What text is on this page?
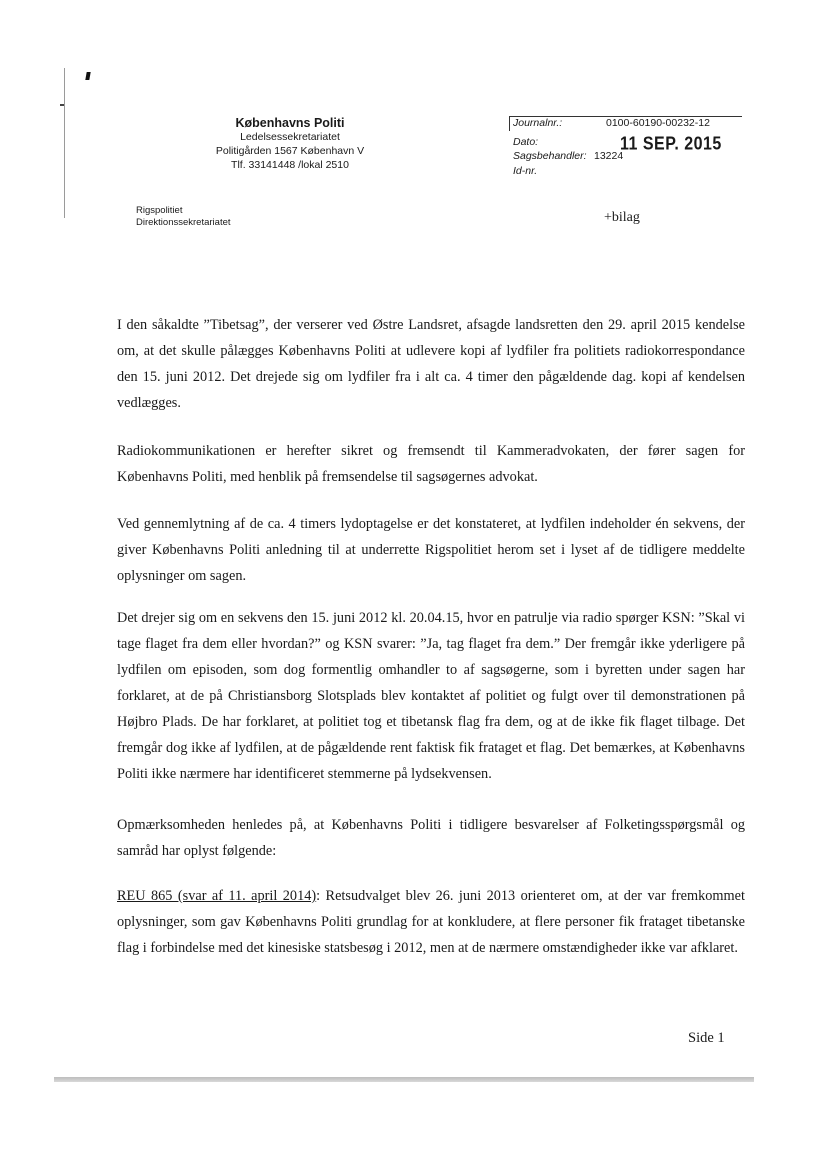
Københavns Politi
Ledelsessekretariatet
Politigården 1567 København V
Tlf. 33141448 /lokal 2510
Journalnr.:	0100-60190-00232-12
Dato:	11 SEP. 2015
Sagsbehandler: 13224
Id-nr.
Rigspolitiet
Direktionssekretariatet	+bilag

I den såkaldte ”Tibetsag”, der verserer ved Østre Landsret, afsagde landsretten den 29. april 2015 kendelse om, at det skulle pålægges Københavns Politi at udlevere kopi af lydfiler fra politiets radiokorrespondance den 15. juni 2012. Det drejede sig om lydfiler fra i alt ca. 4 timer den pågældende dag. kopi af kendelsen vedlægges.

Radiokommunikationen er herefter sikret og fremsendt til Kammeradvokaten, der fører sagen for Københavns Politi, med henblik på fremsendelse til sagsøgernes advokat.

Ved gennemlytning af de ca. 4 timers lydoptagelse er det konstateret, at lydfilen indeholder én sekvens, der giver Københavns Politi anledning til at underrette Rigspolitiet herom set i lyset af de tidligere meddelte oplysninger om sagen.

Det drejer sig om en sekvens den 15. juni 2012 kl. 20.04.15, hvor en patrulje via radio spørger KSN: ”Skal vi tage flaget fra dem eller hvordan?” og KSN svarer: ”Ja, tag flaget fra dem.” Der fremgår ikke yderligere på lydfilen om episoden, som dog formentlig omhandler to af sagsøgerne, som i byretten under sagen har forklaret, at de på Christiansborg Slotsplads blev kontaktet af politiet og fulgt over til demonstrationen på Højbro Plads. De har forklaret, at politiet tog et tibetansk flag fra dem, og at de ikke fik flaget tilbage. Det fremgår dog ikke af lydfilen, at de pågældende rent faktisk fik frataget et flag. Det bemærkes, at Københavns Politi ikke nærmere har identificeret stemmerne på lydsekvensen.

Opmærksomheden henledes på, at Københavns Politi i tidligere besvarelser af Folketingsspørgsmål og samråd har oplyst følgende:

REU 865 (svar af 11. april 2014): Retsudvalget blev 26. juni 2013 orienteret om, at der var fremkommet oplysninger, som gav Københavns Politi grundlag for at konkludere, at flere personer fik frataget tibetanske flag i forbindelse med det kinesiske statsbesøg i 2012, men at de nærmere omstændigheder ikke var afklaret.

Side 1
